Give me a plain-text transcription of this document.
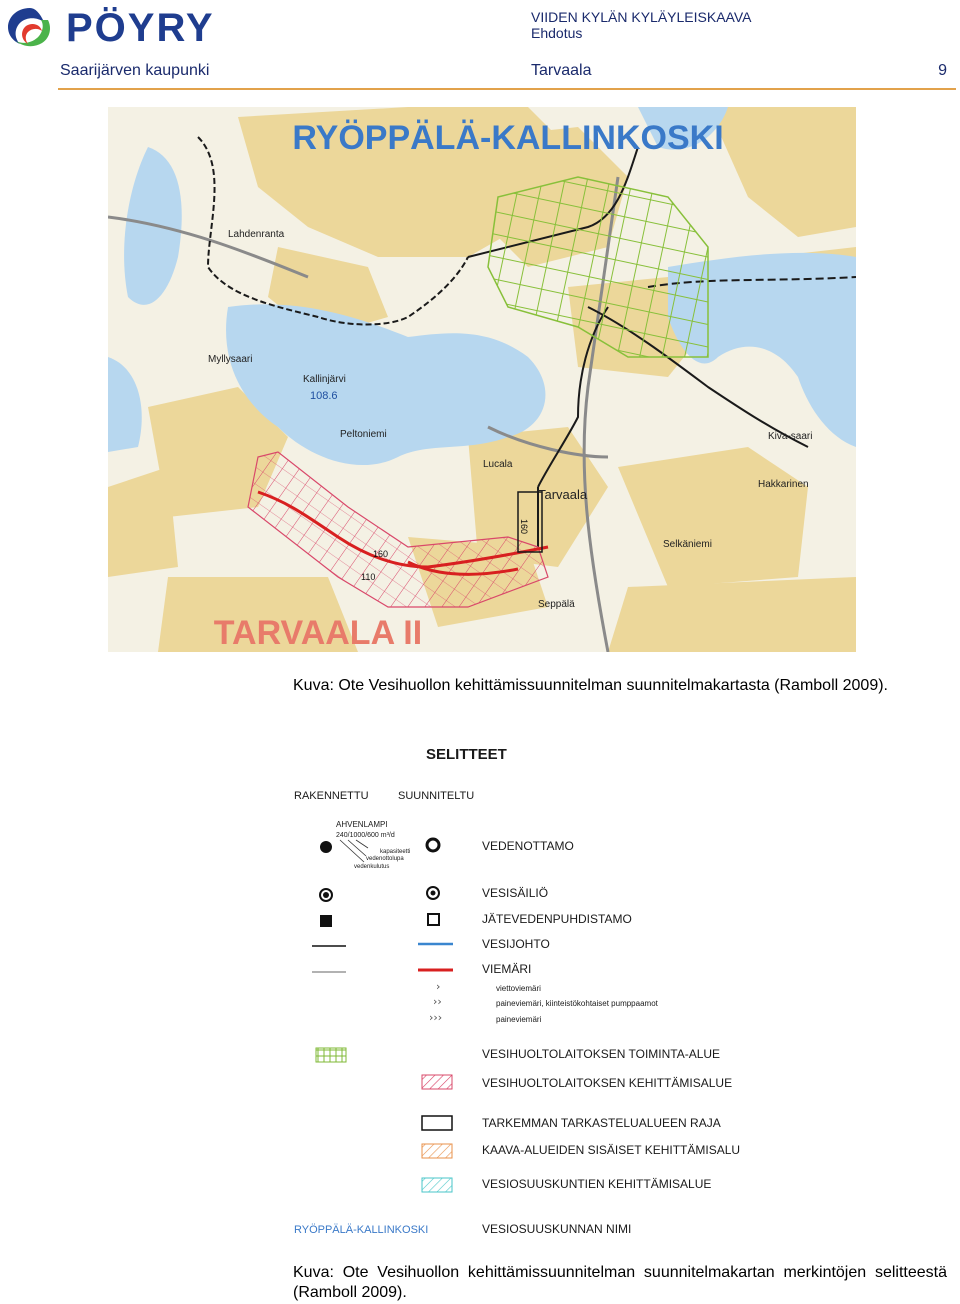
PÖYRY	VIIDEN KYLÄN KYLÄYLEISKAAVA
Ehdotus
Saarijärven kaupunki	Tarvaala	9
RYÖPPÄLÄ-KALLINKOSKI
TARVAALA II
Kallinjärvi
108.6
Tarvaala
Peltoniemi
Myllysaari
Lahdenranta
Kiva-saari
Hakkarinen
Seppälä
Selkäniemi
Lucala
160
110
160
Kuva: Ote Vesihuollon kehittämissuunnitelman suunnitelmakartasta (Ramboll 2009).
SELITTEET
RAKENNETTU	SUUNNITELTU
AHVENLAMPI
240/1000/600 m³/d
kapasiteetti
vedenottolupa
vedenkulutus
VEDENOTTAMO
VESISÄILIÖ
JÄTEVEDENPUHDISTAMO
VESIJOHTO
VIEMÄRI
›
››
›››
viettoviemäri
paineviemäri, kiinteistökohtaiset pumppaamot
paineviemäri
VESIHUOLTOLAITOKSEN TOIMINTA-ALUE
VESIHUOLTOLAITOKSEN KEHITTÄMISALUE
TARKEMMAN TARKASTELUALUEEN RAJA
KAAVA-ALUEIDEN SISÄISET KEHITTÄMISALU
VESIOSUUSKUNTIEN KEHITTÄMISALUE
RYÖPPÄLÄ-KALLINKOSKI	VESIOSUUSKUNNAN NIMI
Kuva: Ote Vesihuollon kehittämissuunnitelman suunnitelmakartan merkintöjen selitteestä (Ramboll 2009).
